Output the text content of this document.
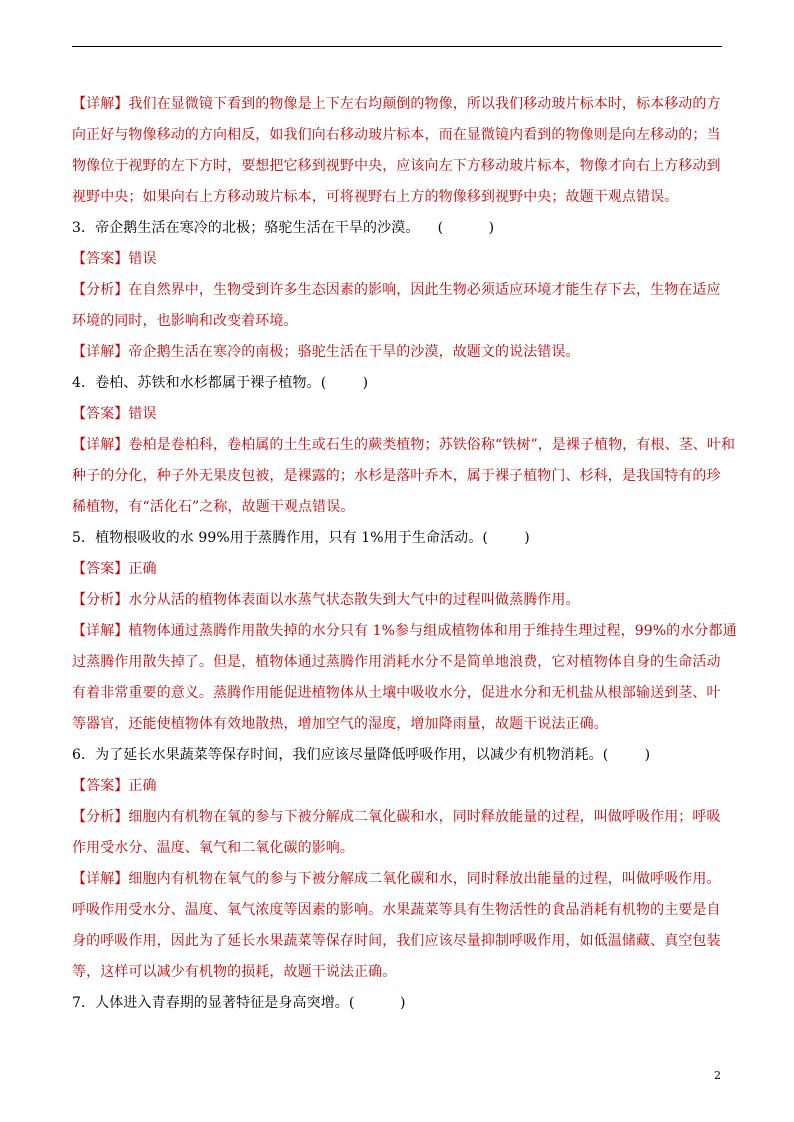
【详解】我们在显微镜下看到的物像是上下左右均颠倒的物像，所以我们移动玻片标本时，标本移动的方
向正好与物像移动的方向相反，如我们向右移动玻片标本，而在显微镜内看到的物像则是向左移动的；当
物像位于视野的左下方时，要想把它移到视野中央，应该向左下方移动玻片标本，物像才向右上方移动到
视野中央；如果向右上方移动玻片标本，可将视野右上方的物像移到视野中央；故题干观点错误。
3．帝企鹅生活在寒冷的北极；骆驼生活在干旱的沙漠。    (          )
【答案】错误
【分析】在自然界中，生物受到许多生态因素的影响，因此生物必须适应环境才能生存下去，生物在适应
环境的同时，也影响和改变着环境。
【详解】帝企鹅生活在寒冷的南极；骆驼生活在干旱的沙漠，故题文的说法错误。
4．卷柏、苏铁和水杉都属于裸子植物。(        )
【答案】错误
【详解】卷柏是卷柏科，卷柏属的土生或石生的蕨类植物；苏铁俗称“铁树”，是裸子植物，有根、茎、叶和
种子的分化，种子外无果皮包被，是裸露的；水杉是落叶乔木，属于裸子植物门、杉科，是我国特有的珍
稀植物，有“活化石”之称，故题干观点错误。
5．植物根吸收的水 99%用于蒸腾作用，只有 1%用于生命活动。(        )
【答案】正确
【分析】水分从活的植物体表面以水蒸气状态散失到大气中的过程叫做蒸腾作用。
【详解】植物体通过蒸腾作用散失掉的水分只有 1%参与组成植物体和用于维持生理过程，99%的水分都通
过蒸腾作用散失掉了。但是，植物体通过蒸腾作用消耗水分不是简单地浪费，它对植物体自身的生命活动
有着非常重要的意义。蒸腾作用能促进植物体从土壤中吸收水分，促进水分和无机盐从根部输送到茎、叶
等器官，还能使植物体有效地散热，增加空气的湿度，增加降雨量，故题干说法正确。
6．为了延长水果蔬菜等保存时间，我们应该尽量降低呼吸作用，以减少有机物消耗。(        )
【答案】正确
【分析】细胞内有机物在氧的参与下被分解成二氧化碳和水，同时释放能量的过程，叫做呼吸作用；呼吸
作用受水分、温度、氧气和二氧化碳的影响。
【详解】细胞内有机物在氧气的参与下被分解成二氧化碳和水，同时释放出能量的过程，叫做呼吸作用。
呼吸作用受水分、温度、氧气浓度等因素的影响。水果蔬菜等具有生物活性的食品消耗有机物的主要是自
身的呼吸作用，因此为了延长水果蔬菜等保存时间，我们应该尽量抑制呼吸作用，如低温储藏、真空包装
等，这样可以减少有机物的损耗，故题干说法正确。
7．人体进入青春期的显著特征是身高突增。(          )
2
